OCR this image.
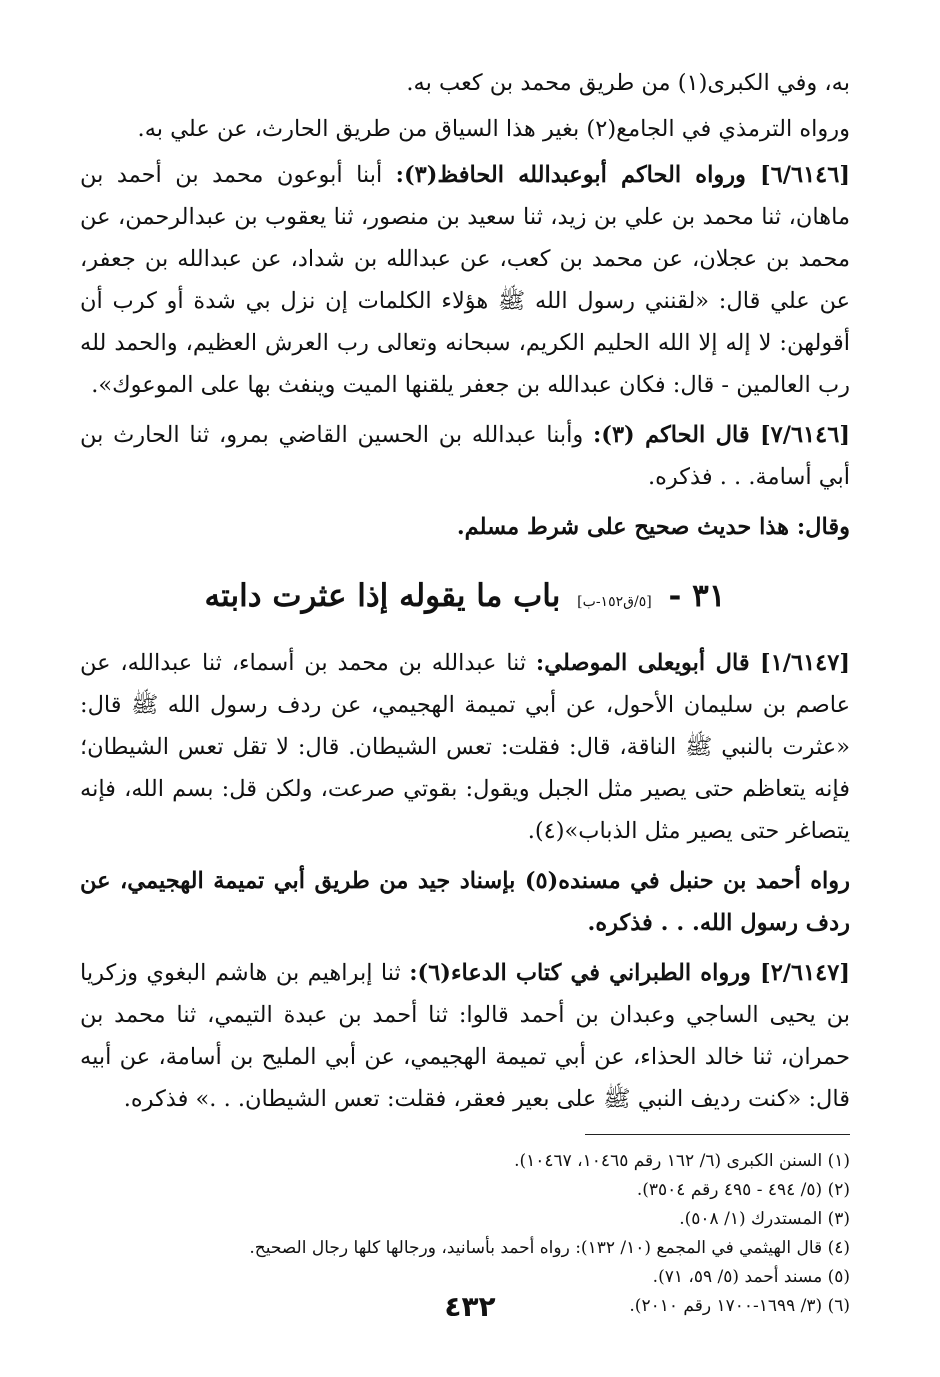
به، وفي الكبرى(١) من طريق محمد بن كعب به.

ورواه الترمذي في الجامع(٢) بغير هذا السياق من طريق الحارث، عن علي به.

[٦/٦١٤٦] ورواه الحاكم أبوعبدالله الحافظ(٣): أبنا أبوعون محمد بن أحمد بن ماهان، ثنا محمد بن علي بن زيد، ثنا سعيد بن منصور، ثنا يعقوب بن عبدالرحمن، عن محمد بن عجلان، عن محمد بن كعب، عن عبدالله بن شداد، عن عبدالله بن جعفر، عن علي قال: «لقنني رسول الله ﷺ هؤلاء الكلمات إن نزل بي شدة أو كرب أن أقولهن: لا إله إلا الله الحليم الكريم، سبحانه وتعالى رب العرش العظيم، والحمد لله رب العالمين - قال: فكان عبدالله بن جعفر يلقنها الميت وينفث بها على الموعوك».

[٧/٦١٤٦] قال الحاكم (٣): وأبنا عبدالله بن الحسين القاضي بمرو، ثنا الحارث بن أبي أسامة. . . فذكره.

وقال: هذا حديث صحيح على شرط مسلم.

٣١ - [٥/ق١٥٢-ب] باب ما يقوله إذا عثرت دابته

[١/٦١٤٧] قال أبويعلى الموصلي: ثنا عبدالله بن محمد بن أسماء، ثنا عبدالله، عن عاصم بن سليمان الأحول، عن أبي تميمة الهجيمي، عن ردف رسول الله ﷺ قال: «عثرت بالنبي ﷺ الناقة، قال: فقلت: تعس الشيطان. قال: لا تقل تعس الشيطان؛ فإنه يتعاظم حتى يصير مثل الجبل ويقول: بقوتي صرعت، ولكن قل: بسم الله، فإنه يتصاغر حتى يصير مثل الذباب»(٤).

رواه أحمد بن حنبل في مسنده(٥) بإسناد جيد من طريق أبي تميمة الهجيمي، عن ردف رسول الله. . . فذكره.

[٢/٦١٤٧] ورواه الطبراني في كتاب الدعاء(٦): ثنا إبراهيم بن هاشم البغوي وزكريا بن يحيى الساجي وعبدان بن أحمد قالوا: ثنا أحمد بن عبدة التيمي، ثنا محمد بن حمران، ثنا خالد الحذاء، عن أبي تميمة الهجيمي، عن أبي المليح بن أسامة، عن أبيه قال: «كنت رديف النبي ﷺ على بعير فعقر، فقلت: تعس الشيطان. . .» فذكره.

(١) السنن الكبرى (٦/ ١٦٢ رقم ١٠٤٦٥، ١٠٤٦٧).

(٢) (٥/ ٤٩٤ - ٤٩٥ رقم ٣٥٠٤).

(٣) المستدرك (١/ ٥٠٨).

(٤) قال الهيثمي في المجمع (١٠/ ١٣٢): رواه أحمد بأسانيد، ورجالها كلها رجال الصحيح.

(٥) مسند أحمد (٥/ ٥٩، ٧١).

(٦) (٣/ ١٦٩٩-١٧٠٠ رقم ٢٠١٠).

٤٣٢
